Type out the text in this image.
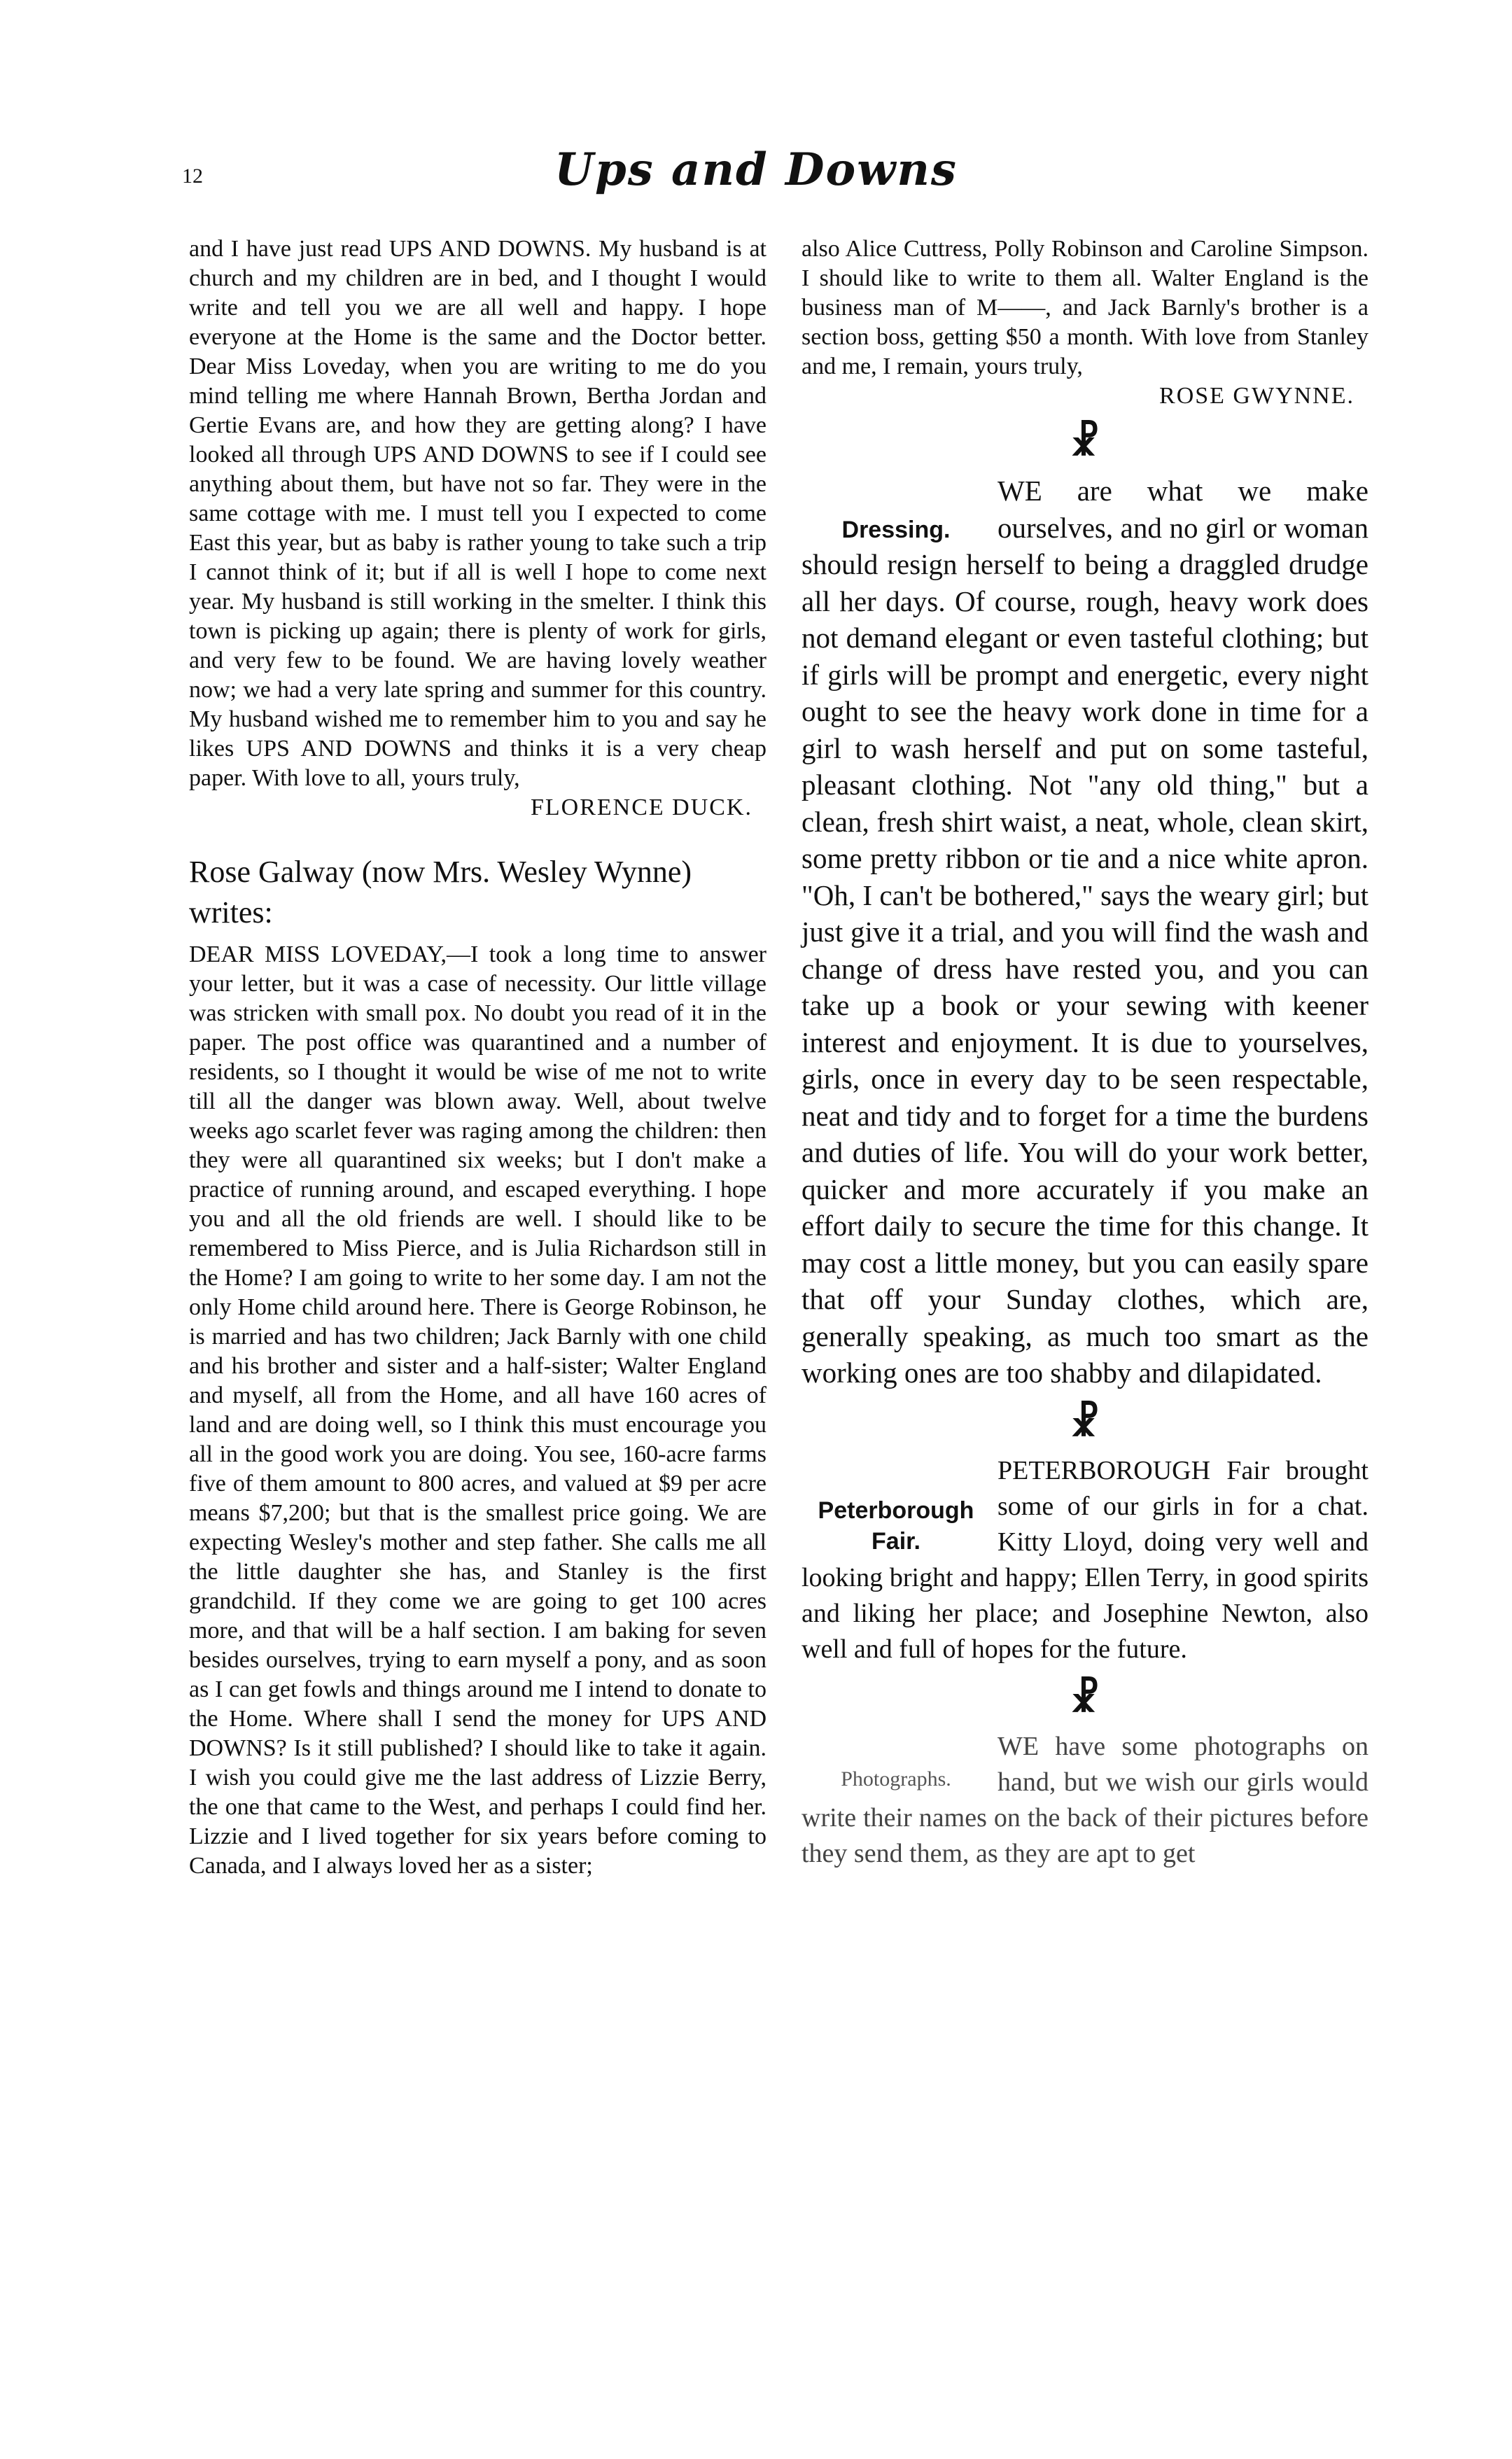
12	Ups and Downs

and I have just read UPS AND DOWNS. My husband is at church and my children are in bed, and I thought I would write and tell you we are all well and happy. I hope everyone at the Home is the same and the Doctor better. Dear Miss Loveday, when you are writing to me do you mind telling me where Hannah Brown, Bertha Jordan and Gertie Evans are, and how they are getting along? I have looked all through UPS AND DOWNS to see if I could see anything about them, but have not so far. They were in the same cottage with me. I must tell you I expected to come East this year, but as baby is rather young to take such a trip I cannot think of it; but if all is well I hope to come next year. My husband is still working in the smelter. I think this town is picking up again; there is plenty of work for girls, and very few to be found. We are having lovely weather now; we had a very late spring and summer for this country. My husband wished me to remember him to you and say he likes UPS AND DOWNS and thinks it is a very cheap paper. With love to all, yours truly,

FLORENCE DUCK.

Rose Galway (now Mrs. Wesley Wynne) writes:

DEAR MISS LOVEDAY,—I took a long time to answer your letter, but it was a case of necessity. Our little village was stricken with small pox. No doubt you read of it in the paper. The post office was quarantined and a number of residents, so I thought it would be wise of me not to write till all the danger was blown away. Well, about twelve weeks ago scarlet fever was raging among the children: then they were all quarantined six weeks; but I don't make a practice of running around, and escaped everything. I hope you and all the old friends are well. I should like to be remembered to Miss Pierce, and is Julia Richardson still in the Home? I am going to write to her some day. I am not the only Home child around here. There is George Robinson, he is married and has two children; Jack Barnly with one child and his brother and sister and a half-sister; Walter England and myself, all from the Home, and all have 160 acres of land and are doing well, so I think this must encourage you all in the good work you are doing. You see, 160-acre farms five of them amount to 800 acres, and valued at $9 per acre means $7,200; but that is the smallest price going. We are expecting Wesley's mother and step father. She calls me all the little daughter she has, and Stanley is the first grandchild. If they come we are going to get 100 acres more, and that will be a half section. I am baking for seven besides ourselves, trying to earn myself a pony, and as soon as I can get fowls and things around me I intend to donate to the Home. Where shall I send the money for UPS AND DOWNS? Is it still published? I should like to take it again. I wish you could give me the last address of Lizzie Berry, the one that came to the West, and perhaps I could find her. Lizzie and I lived together for six years before coming to Canada, and I always loved her as a sister;

also Alice Cuttress, Polly Robinson and Caroline Simpson. I should like to write to them all. Walter England is the business man of M——, and Jack Barnly's brother is a section boss, getting $50 a month. With love from Stanley and me, I remain, yours truly,

ROSE GWYNNE.

☧
Dressing.

WE are what we make ourselves, and no girl or woman should resign herself to being a draggled drudge all her days. Of course, rough, heavy work does not demand elegant or even tasteful clothing; but if girls will be prompt and energetic, every night ought to see the heavy work done in time for a girl to wash herself and put on some tasteful, pleasant clothing. Not "any old thing," but a clean, fresh shirt waist, a neat, whole, clean skirt, some pretty ribbon or tie and a nice white apron. "Oh, I can't be bothered," says the weary girl; but just give it a trial, and you will find the wash and change of dress have rested you, and you can take up a book or your sewing with keener interest and enjoyment. It is due to yourselves, girls, once in every day to be seen respectable, neat and tidy and to forget for a time the burdens and duties of life. You will do your work better, quicker and more accurately if you make an effort daily to secure the time for this change. It may cost a little money, but you can easily spare that off your Sunday clothes, which are, generally speaking, as much too smart as the working ones are too shabby and dilapidated.

☧
Peterborough Fair.

PETERBOROUGH Fair brought some of our girls in for a chat. Kitty Lloyd, doing very well and looking bright and happy; Ellen Terry, in good spirits and liking her place; and Josephine Newton, also well and full of hopes for the future.

☧
Photographs.

WE have some photographs on hand, but we wish our girls would write their names on the back of their pictures before they send them, as they are apt to get
